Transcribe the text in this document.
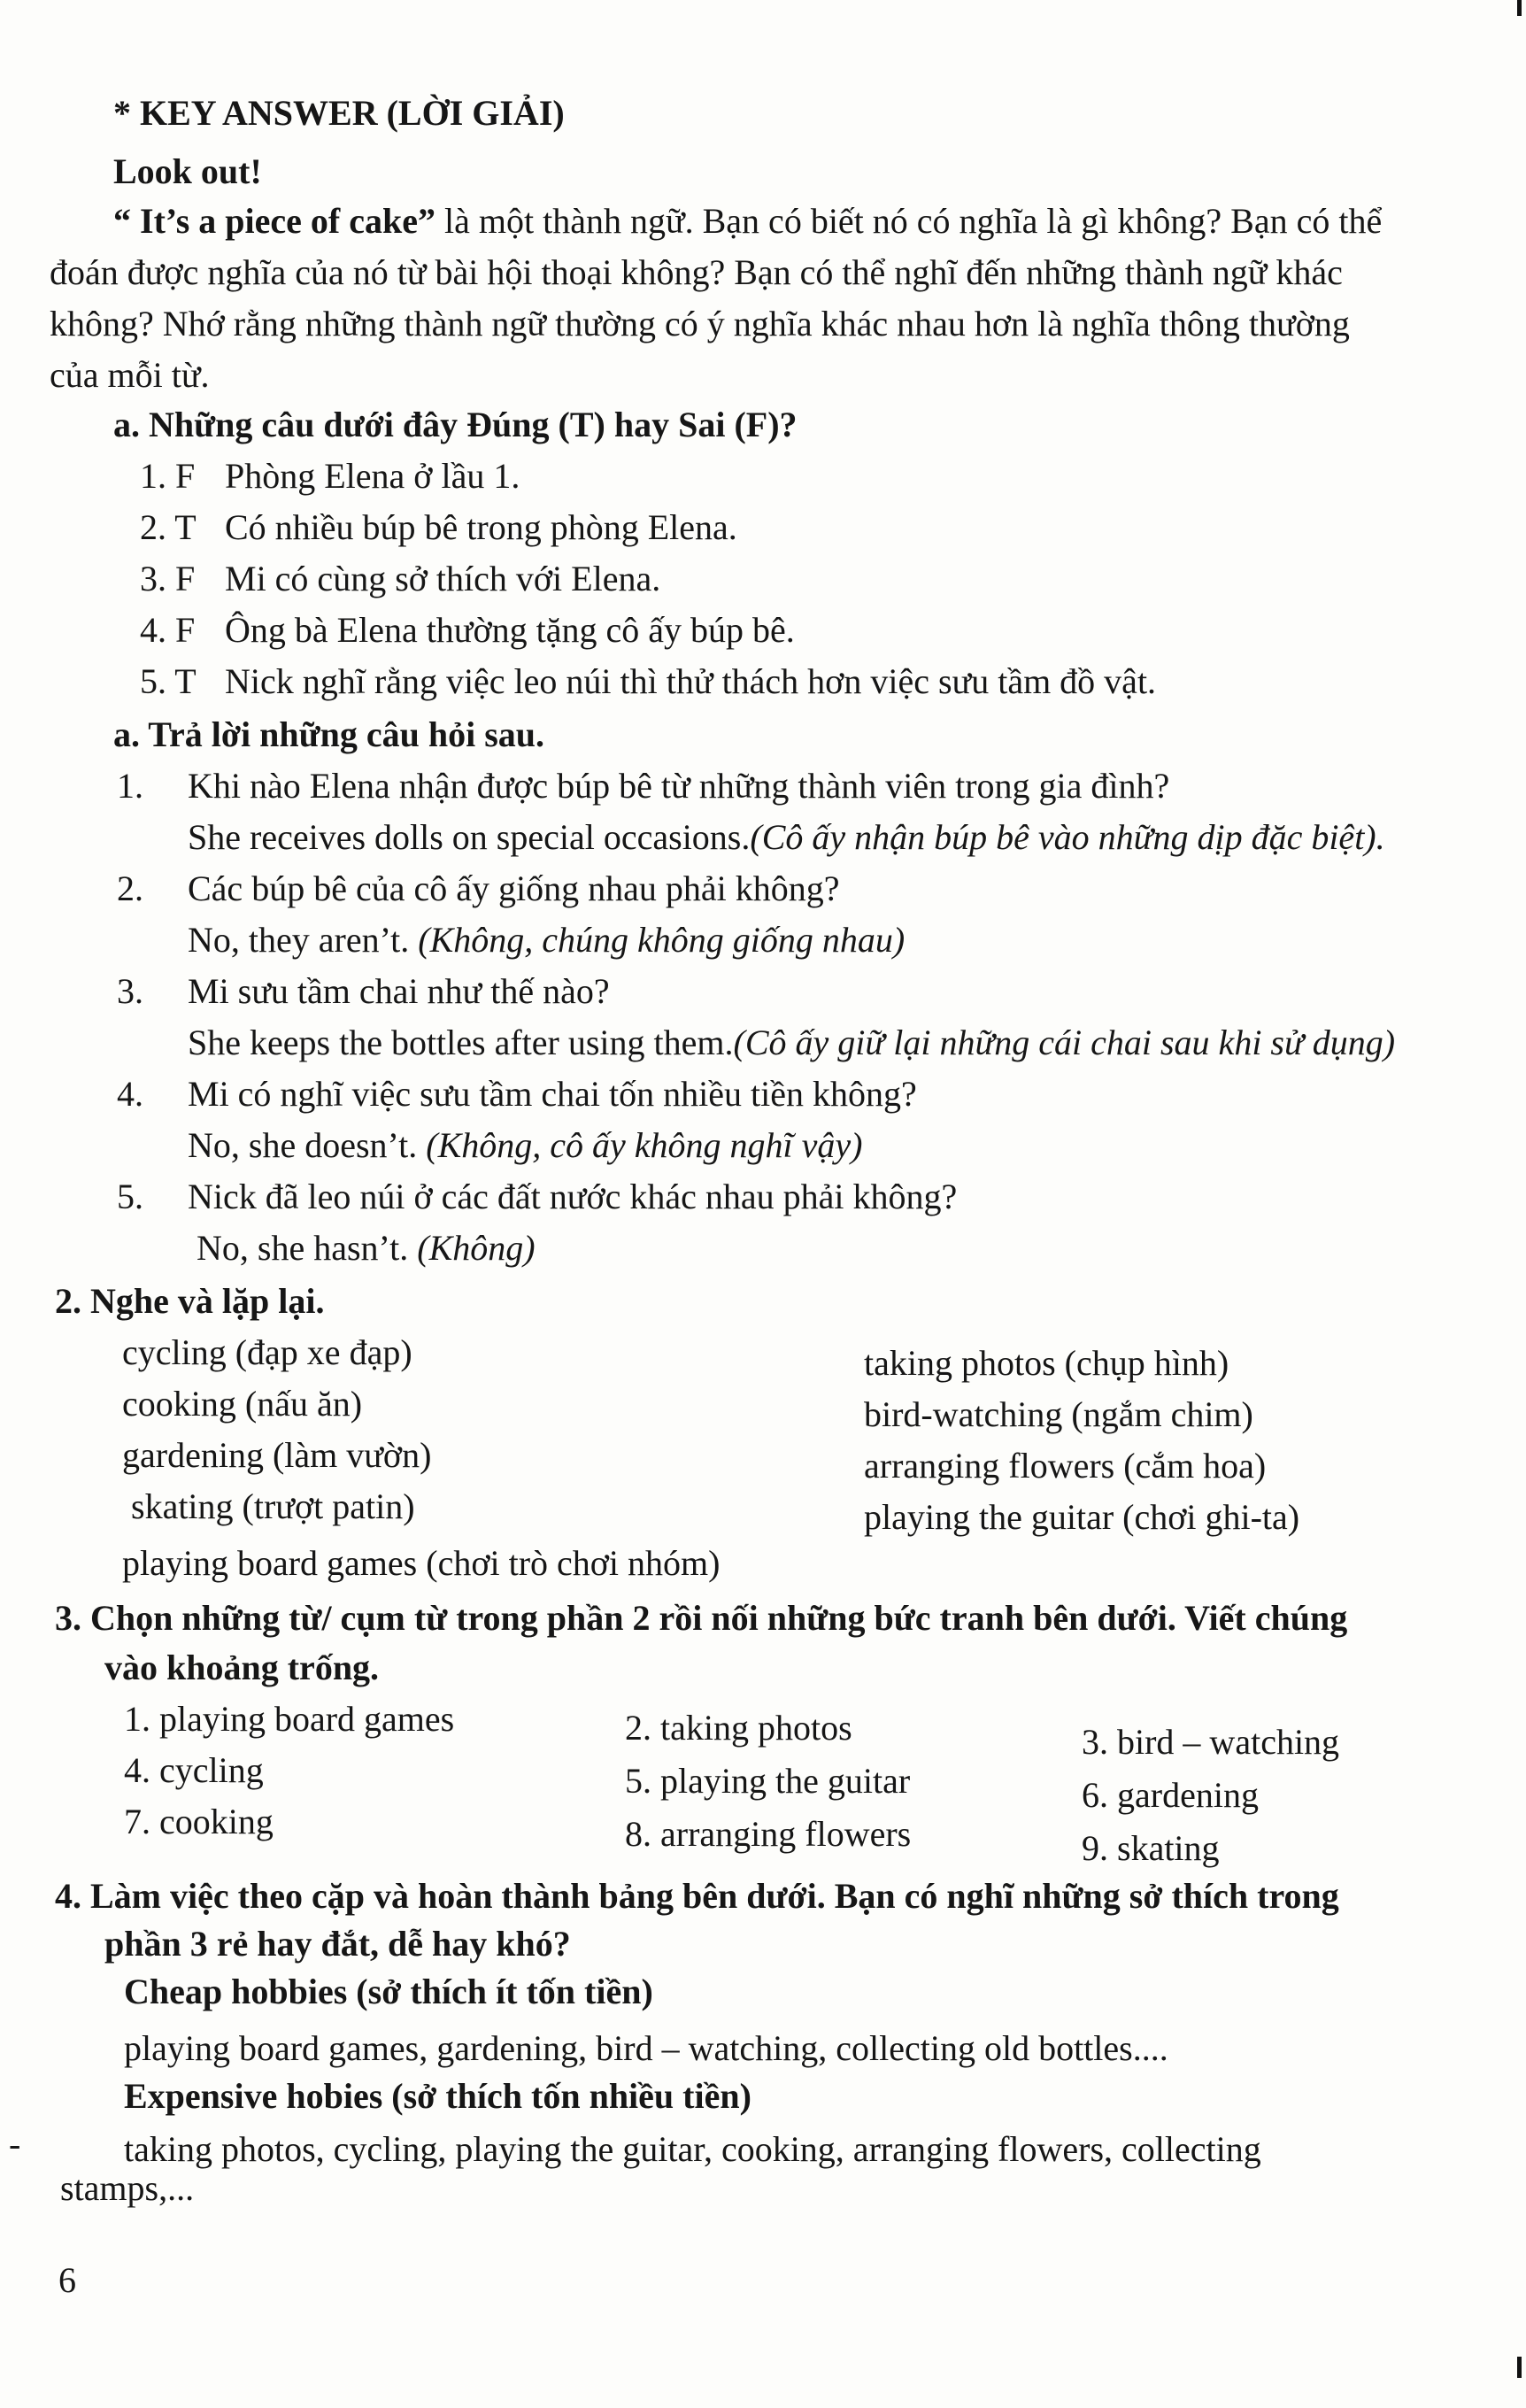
* KEY ANSWER (LỜI GIẢI)
Look out!
“ It’s a piece of cake” là một thành ngữ. Bạn có biết nó có nghĩa là gì không? Bạn có thể
đoán được nghĩa của nó từ bài hội thoại không? Bạn có thể nghĩ đến những thành ngữ khác
không? Nhớ rằng những thành ngữ thường có ý nghĩa khác nhau hơn là nghĩa thông thường
của mỗi từ.
a. Những câu dưới đây Đúng (T) hay Sai (F)?
1. F Phòng Elena ở lầu 1.
2. T Có nhiều búp bê trong phòng Elena.
3. F Mi có cùng sở thích với Elena.
4. F Ông bà Elena thường tặng cô ấy búp bê.
5. T Nick nghĩ rằng việc leo núi thì thử thách hơn việc sưu tầm đồ vật.
a. Trả lời những câu hỏi sau.
1. Khi nào Elena nhận được búp bê từ những thành viên trong gia đình?
She receives dolls on special occasions.(Cô ấy nhận búp bê vào những dịp đặc biệt).
2. Các búp bê của cô ấy giống nhau phải không?
No, they aren’t. (Không, chúng không giống nhau)
3. Mi sưu tầm chai như thế nào?
She keeps the bottles after using them.(Cô ấy giữ lại những cái chai sau khi sử dụng)
4. Mi có nghĩ việc sưu tầm chai tốn nhiều tiền không?
No, she doesn’t. (Không, cô ấy không nghĩ vậy)
5. Nick đã leo núi ở các đất nước khác nhau phải không?
No, she hasn’t. (Không)
2. Nghe và lặp lại.
cycling (đạp xe đạp)
cooking (nấu ăn)
gardening (làm vườn)
skating (trượt patin)
playing board games (chơi trò chơi nhóm)
taking photos (chụp hình)
bird-watching (ngắm chim)
arranging flowers (cắm hoa)
playing the guitar (chơi ghi-ta)
3. Chọn những từ/ cụm từ trong phần 2 rồi nối những bức tranh bên dưới. Viết chúng
vào khoảng trống.
1. playing board games
4. cycling
7. cooking
2. taking photos
5. playing the guitar
8. arranging flowers
3. bird – watching
6. gardening
9. skating
4. Làm việc theo cặp và hoàn thành bảng bên dưới. Bạn có nghĩ những sở thích trong
phần 3 rẻ hay đắt, dễ hay khó?
Cheap hobbies (sở thích ít tốn tiền)
playing board games, gardening, bird – watching, collecting old bottles....
Expensive hobies (sở thích tốn nhiều tiền)
taking photos, cycling, playing the guitar, cooking, arranging flowers, collecting
stamps,...
-
6
